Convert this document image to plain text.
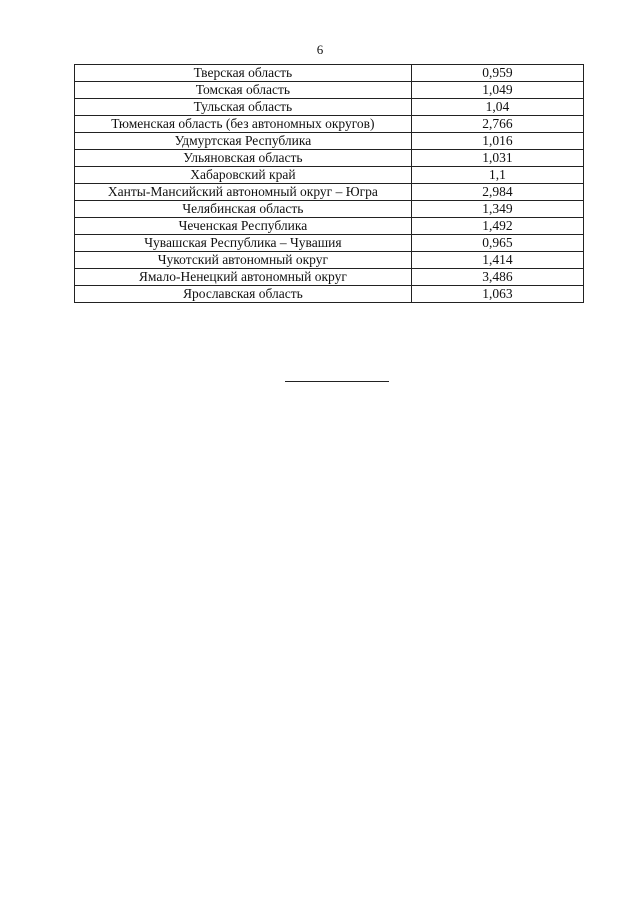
6
Тверская область	0,959
Томская область	1,049
Тульская область	1,04
Тюменская область (без автономных округов)	2,766
Удмуртская Республика	1,016
Ульяновская область	1,031
Хабаровский край	1,1
Ханты-Мансийский автономный округ – Югра	2,984
Челябинская область	1,349
Чеченская Республика	1,492
Чувашская Республика – Чувашия	0,965
Чукотский автономный округ	1,414
Ямало-Ненецкий автономный округ	3,486
Ярославская область	1,063
